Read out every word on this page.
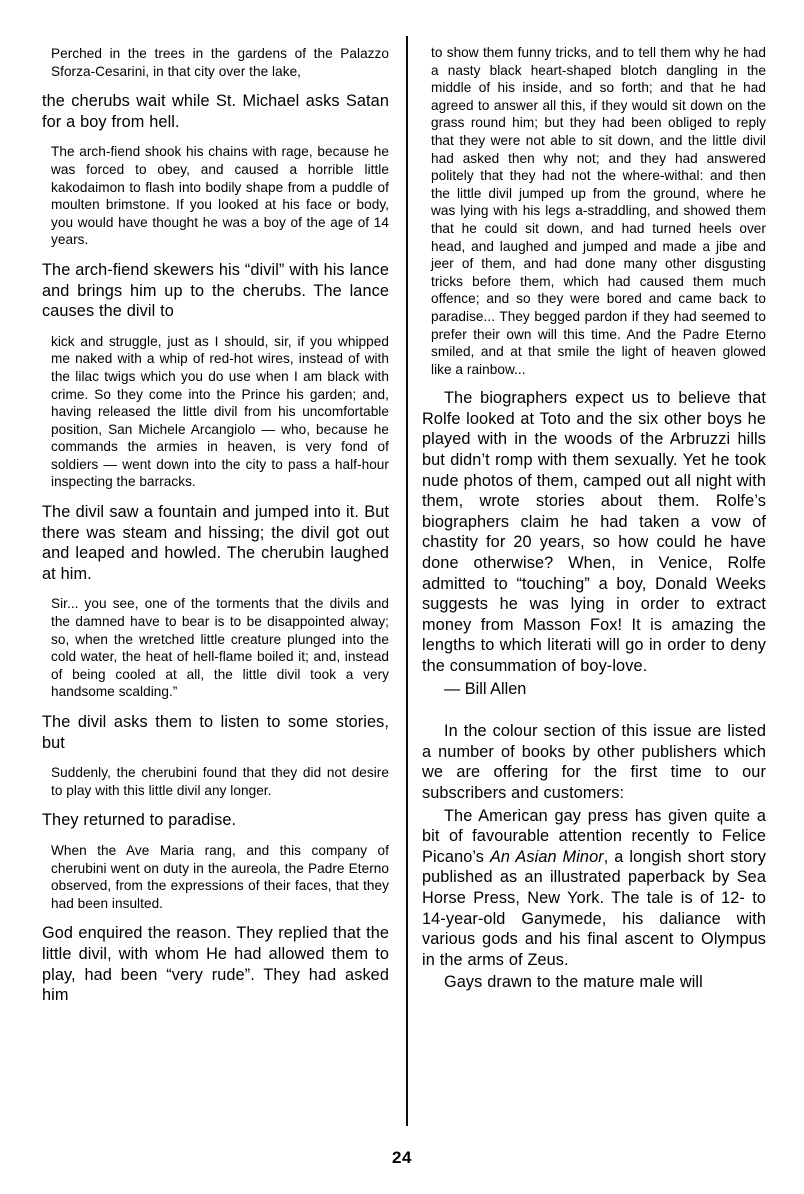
Perched in the trees in the gardens of the Palazzo Sforza-Cesarini, in that city over the lake,

the cherubs wait while St. Michael asks Satan for a boy from hell.

The arch-fiend shook his chains with rage, because he was forced to obey, and caused a horrible little kakodaimon to flash into bodily shape from a puddle of moulten brimstone. If you looked at his face or body, you would have thought he was a boy of the age of 14 years.

The arch-fiend skewers his “divil” with his lance and brings him up to the cherubs. The lance causes the divil to

kick and struggle, just as I should, sir, if you whipped me naked with a whip of red-hot wires, instead of with the lilac twigs which you do use when I am black with crime. So they come into the Prince his garden; and, having released the little divil from his uncomfortable position, San Michele Arcangiolo — who, because he commands the armies in heaven, is very fond of soldiers — went down into the city to pass a half-hour inspecting the barracks.

The divil saw a fountain and jumped into it. But there was steam and hissing; the divil got out and leaped and howled. The cherubin laughed at him.

Sir... you see, one of the torments that the divils and the damned have to bear is to be disappointed alway; so, when the wretched little creature plunged into the cold water, the heat of hell-flame boiled it; and, instead of being cooled at all, the little divil took a very handsome scalding.”

The divil asks them to listen to some stories, but

Suddenly, the cherubini found that they did not desire to play with this little divil any longer.

They returned to paradise.

When the Ave Maria rang, and this company of cherubini went on duty in the aureola, the Padre Eterno observed, from the expressions of their faces, that they had been insulted.

God enquired the reason. They replied that the little divil, with whom He had allowed them to play, had been “very rude”. They had asked him

to show them funny tricks, and to tell them why he had a nasty black heart-shaped blotch dangling in the middle of his inside, and so forth; and that he had agreed to answer all this, if they would sit down on the grass round him; but they had been obliged to reply that they were not able to sit down, and the little divil had asked then why not; and they had answered politely that they had not the where-withal: and then the little divil jumped up from the ground, where he was lying with his legs a-straddling, and showed them that he could sit down, and had turned heels over head, and laughed and jumped and made a jibe and jeer of them, and had done many other disgusting tricks before them, which had caused them much offence; and so they were bored and came back to paradise... They begged pardon if they had seemed to prefer their own will this time. And the Padre Eterno smiled, and at that smile the light of heaven glowed like a rainbow...

The biographers expect us to believe that Rolfe looked at Toto and the six other boys he played with in the woods of the Arbruzzi hills but didn’t romp with them sexually. Yet he took nude photos of them, camped out all night with them, wrote stories about them. Rolfe’s biographers claim he had taken a vow of chastity for 20 years, so how could he have done otherwise? When, in Venice, Rolfe admitted to “touching” a boy, Donald Weeks suggests he was lying in order to extract money from Masson Fox! It is amazing the lengths to which literati will go in order to deny the consummation of boy-love.

— Bill Allen

In the colour section of this issue are listed a number of books by other publishers which we are offering for the first time to our subscribers and customers:

The American gay press has given quite a bit of favourable attention recently to Felice Picano’s An Asian Minor, a longish short story published as an illustrated paperback by Sea Horse Press, New York. The tale is of 12- to 14-year-old Ganymede, his daliance with various gods and his final ascent to Olympus in the arms of Zeus.

Gays drawn to the mature male will

24
